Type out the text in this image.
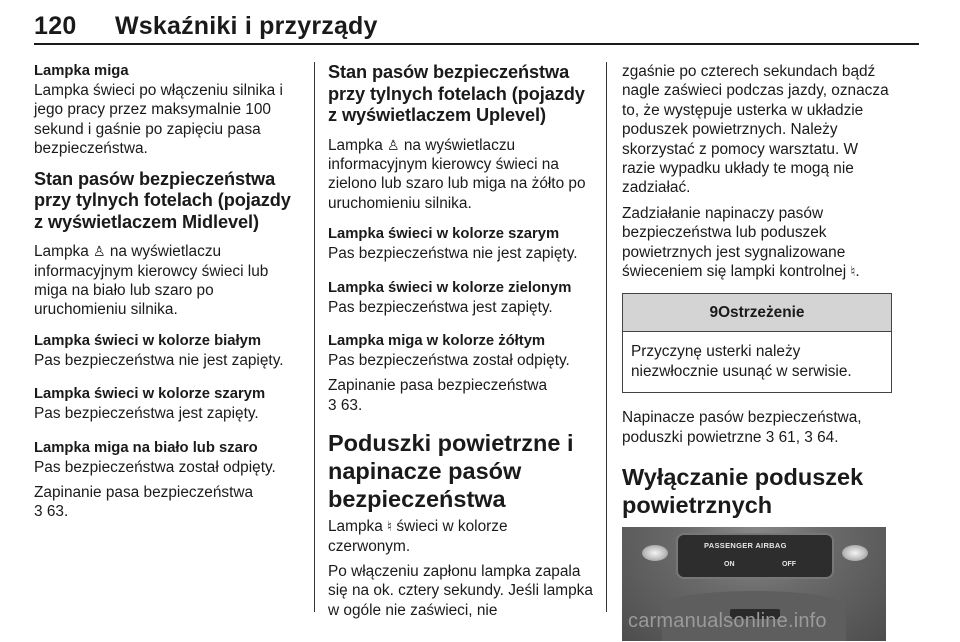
120 Wskaźniki i przyrządy
Lampka miga
Lampka świeci po włączeniu silnika i jego pracy przez maksymalnie 100 sekund i gaśnie po zapięciu pasa bezpieczeństwa.
Stan pasów bezpieczeństwa przy tylnych fotelach (pojazdy z wyświetlaczem Midlevel)
Lampka ♙ na wyświetlaczu informacyjnym kierowcy świeci lub miga na biało lub szaro po uruchomieniu silnika.
Lampka świeci w kolorze białym
Pas bezpieczeństwa nie jest zapięty.
Lampka świeci w kolorze szarym
Pas bezpieczeństwa jest zapięty.
Lampka miga na biało lub szaro
Pas bezpieczeństwa został odpięty.
Zapinanie pasa bezpieczeństwa
3 63.
Stan pasów bezpieczeństwa przy tylnych fotelach (pojazdy z wyświetlaczem Uplevel)
Lampka ♙ na wyświetlaczu informacyjnym kierowcy świeci na zielono lub szaro lub miga na żółto po uruchomieniu silnika.
Lampka świeci w kolorze szarym
Pas bezpieczeństwa nie jest zapięty.
Lampka świeci w kolorze zielonym
Pas bezpieczeństwa jest zapięty.
Lampka miga w kolorze żółtym
Pas bezpieczeństwa został odpięty.
Zapinanie pasa bezpieczeństwa
3 63.
Poduszki powietrzne i napinacze pasów bezpieczeństwa
Lampka ♮ świeci w kolorze czerwonym.
Po włączeniu zapłonu lampka zapala się na ok. cztery sekundy. Jeśli lampka w ogóle nie zaświeci, nie
zgaśnie po czterech sekundach bądź nagle zaświeci podczas jazdy, oznacza to, że występuje usterka w układzie poduszek powietrznych. Należy skorzystać z pomocy warsztatu. W razie wypadku układy te mogą nie zadziałać.
Zadziałanie napinaczy pasów bezpieczeństwa lub poduszek powietrznych jest sygnalizowane świeceniem się lampki kontrolnej ♮.
9Ostrzeżenie
Przyczynę usterki należy niezwłocznie usunąć w serwisie.
Napinacze pasów bezpieczeństwa, poduszki powietrzne 3 61, 3 64.
Wyłączanie poduszek powietrznych
PASSENGER AIRBAG
ON	OFF
carmanualsonline.info
